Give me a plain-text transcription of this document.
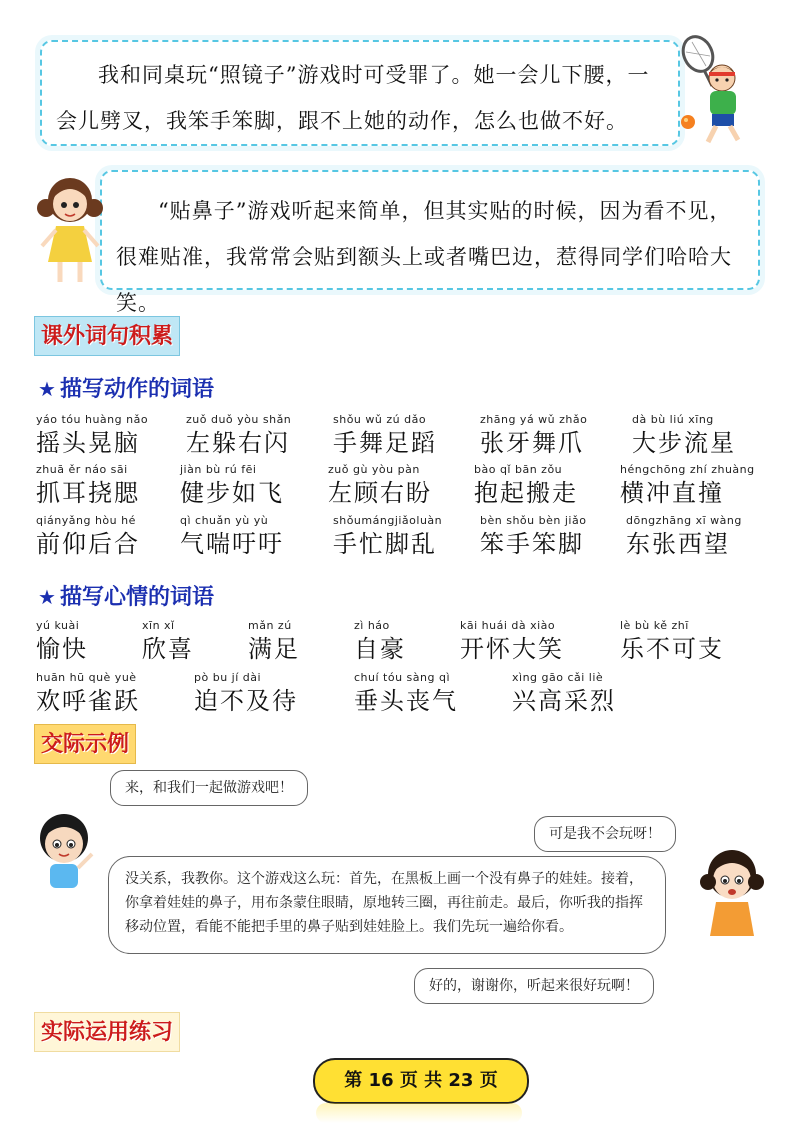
我和同桌玩“照镜子”游戏时可受罪了。她一会儿下腰，一会儿劈叉，我笨手笨脚，跟不上她的动作，怎么也做不好。

“贴鼻子”游戏听起来简单，但其实贴的时候，因为看不见，很难贴准，我常常会贴到额头上或者嘴巴边，惹得同学们哈哈大笑。

课外词句积累
★ 描写动作的词语
yáo tóu huàng nǎo
摇头晃脑
zuǒ duǒ yòu shǎn
左躲右闪
shǒu wǔ zú dǎo
手舞足蹈
zhāng yá wǔ zhǎo
张牙舞爪
dà bù liú xīng
大步流星
zhuā ěr náo sāi
抓耳挠腮
jiàn bù rú fēi
健步如飞
zuǒ gù yòu pàn
左顾右盼
bào qǐ bān zǒu
抱起搬走
héngchōng zhí zhuàng
横冲直撞
qiányǎng hòu hé
前仰后合
qì chuǎn yù yù
气喘吁吁
shǒumángjiǎoluàn
手忙脚乱
bèn shǒu bèn jiǎo
笨手笨脚
dōngzhāng xī wàng
东张西望
★ 描写心情的词语
yú kuài
愉快
xīn xǐ
欣喜
mǎn zú
满足
zì háo
自豪
kāi huái dà xiào
开怀大笑
lè bù kě zhī
乐不可支
huān hū què yuè
欢呼雀跃
pò bu jí dài
迫不及待
chuí tóu sàng qì
垂头丧气
xìng gāo cǎi liè
兴高采烈
交际示例
来，和我们一起做游戏吧！
可是我不会玩呀！
没关系，我教你。这个游戏这么玩：首先，在黑板上画一个没有鼻子的娃娃。接着，你拿着娃娃的鼻子，用布条蒙住眼睛，原地转三圈，再往前走。最后，你听我的指挥移动位置，看能不能把手里的鼻子贴到娃娃脸上。我们先玩一遍给你看。
好的，谢谢你，听起来很好玩啊！
实际运用练习
第 16 页 共 23 页
